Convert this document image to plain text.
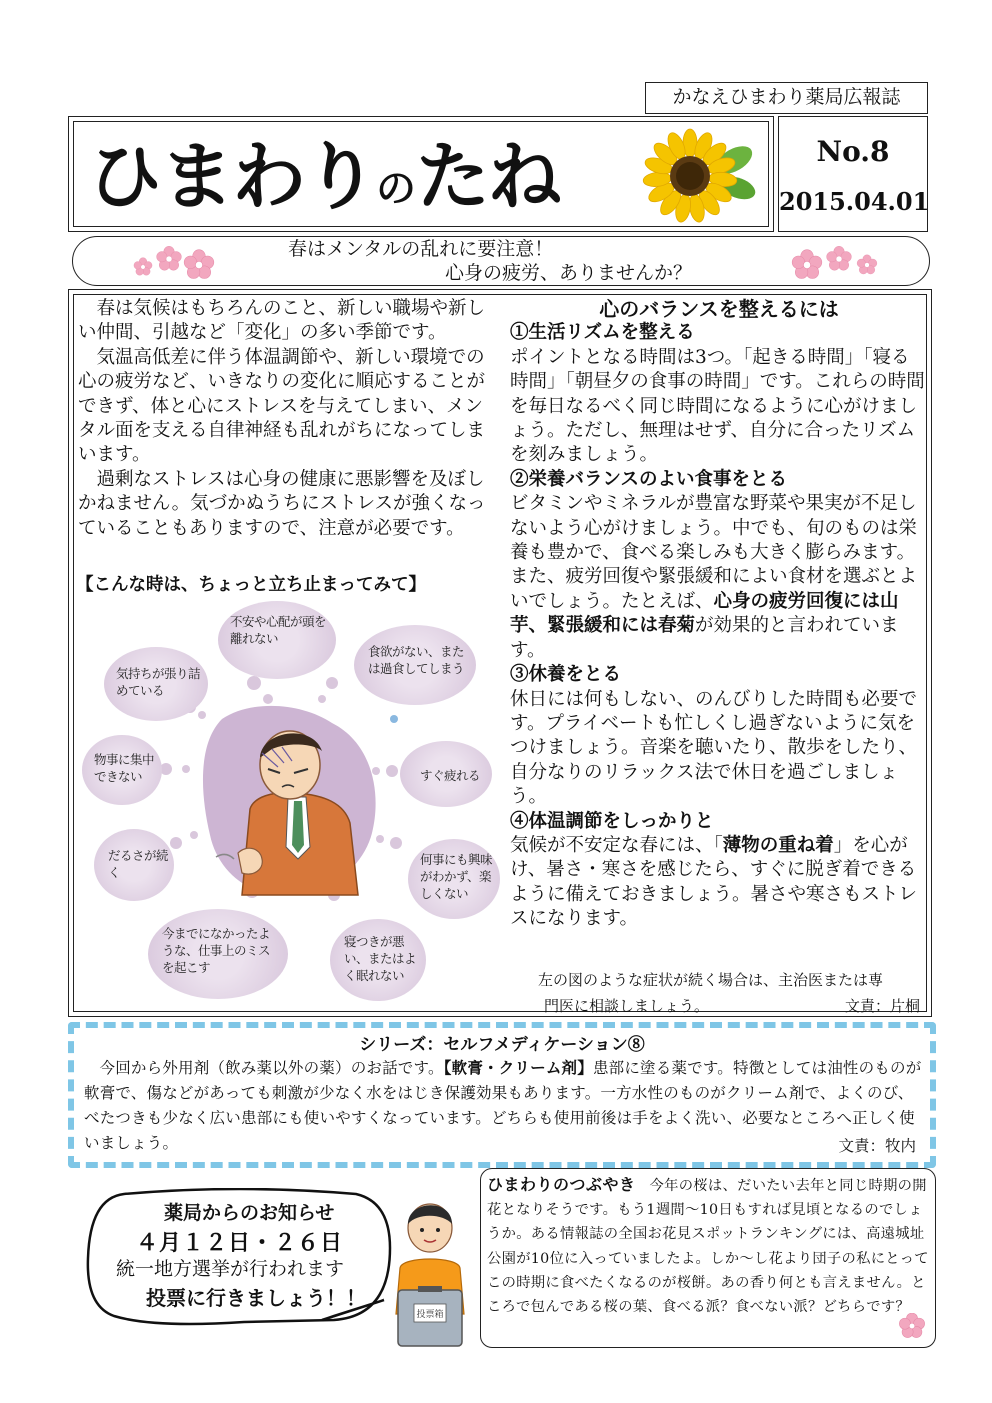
かなえひまわり薬局広報誌
ひまわりのたね	No.8
2015.04.01
春はメンタルの乱れに要注意！
心身の疲労、ありませんか？

春は気候はもちろんのこと、新しい職場や新しい仲間、引越など「変化」の多い季節です。

気温高低差に伴う体温調節や、新しい環境での心の疲労など、いきなりの変化に順応することができず、体と心にストレスを与えてしまい、メンタル面を支える自律神経も乱れがちになってしまいます。

過剰なストレスは心身の健康に悪影響を及ぼしかねません。気づかぬうちにストレスが強くなっていることもありますので、注意が必要です。

【こんな時は、ちょっと立ち止まってみて】
不安や心配が頭を離れない
食欲がない、または過食してしまう
気持ちが張り詰めている
物事に集中できない	すぐ疲れる
だるさが続く
何事にも興味がわかず、楽しくない
今までになかったような、仕事上のミスを起こす
寝つきが悪い、またはよく眠れない
心のバランスを整えるには
①生活リズムを整える
ポイントとなる時間は3つ。「起きる時間」「寝る時間」「朝昼夕の食事の時間」です。これらの時間を毎日なるべく同じ時間になるように心がけましょう。ただし、無理はせず、自分に合ったリズムを刻みましょう。
②栄養バランスのよい食事をとる
ビタミンやミネラルが豊富な野菜や果実が不足しないよう心がけましょう。中でも、旬のものは栄養も豊かで、食べる楽しみも大きく膨らみます。
また、疲労回復や緊張緩和によい食材を選ぶとよいでしょう。たとえば、心身の疲労回復には山芋、緊張緩和には春菊が効果的と言われています。
③休養をとる
休日には何もしない、のんびりした時間も必要です。プライベートも忙しくし過ぎないように気をつけましょう。音楽を聴いたり、散歩をしたり、自分なりのリラックス法で休日を過ごしましょう。
④体温調節をしっかりと
気候が不安定な春には、「薄物の重ね着」を心がけ、暑さ・寒さを感じたら、すぐに脱ぎ着できるように備えておきましょう。暑さや寒さもストレスになります。
左の図のような症状が続く場合は、主治医または専
門医に相談しましょう。	文責：片桐
シリーズ：セルフメディケーション⑧

今回から外用剤（飲み薬以外の薬）のお話です。【軟膏・クリーム剤】患部に塗る薬です。特徴としては油性のものが軟膏で、傷などがあっても刺激が少なく水をはじき保護効果もあります。一方水性のものがクリーム剤で、よくのび、べたつきも少なく広い患部にも使いやすくなっています。どちらも使用前後は手をよく洗い、必要なところへ正しく使いましょう。	文責：牧内
薬局からのお知らせ
４月１２日・２６日
統一地方選挙が行われます
投票に行きましょう！！
投票箱
ひまわりのつぶやき 今年の桜は、だいたい去年と同じ時期の開花となりそうです。もう1週間〜10日もすれば見頃となるのでしょうか。ある情報誌の全国お花見スポットランキングには、高遠城址公園が10位に入っていましたよ。しか〜し花より団子の私にとってこの時期に食べたくなるのが桜餅。あの香り何とも言えません。ところで包んである桜の葉、食べる派？食べない派？どちらです？
